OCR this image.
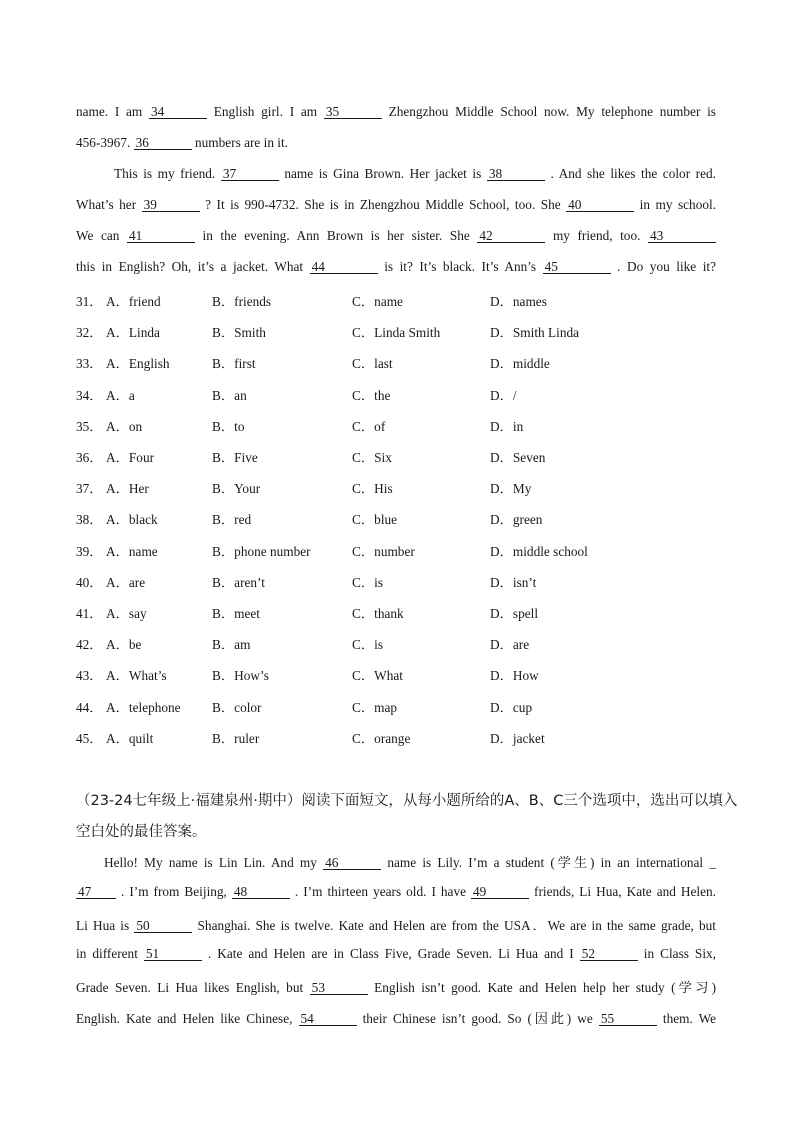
name. I am 34	English girl. I am 35	Zhengzhou Middle School now. My telephone number is
456-3967. 36	numbers are in it.
This is my friend. 37	name is Gina Brown. Her jacket is 38	. And she likes the color red.
What’s her 39	? It is 990-4732. She is in Zhengzhou Middle School, too. She 40	in my school.
We can 41	in the evening. Ann Brown is her sister. She 42	my friend, too. 43
this in English? Oh, it’s a jacket. What 44	is it? It’s black. It’s Ann’s 45	. Do you like it?
31． A．friend	B．friends	C．name	D．names
32． A．Linda	B．Smith	C．Linda Smith	D．Smith Linda
33． A．English	B．first	C．last	D．middle
34． A．a	B．an	C．the	D．/
35． A．on	B．to	C．of	D．in
36． A．Four	B．Five	C．Six	D．Seven
37． A．Her	B．Your	C．His	D．My
38． A．black	B．red	C．blue	D．green
39． A．name	B．phone number	C．number	D．middle school
40． A．are	B．aren’t	C．is	D．isn’t
41． A．say	B．meet	C．thank	D．spell
42． A．be	B．am	C．is	D．are
43． A．What’s	B．How’s	C．What	D．How
44． A．telephone B．color	C．map	D．cup
45． A．quilt	B．ruler	C．orange	D．jacket
（23-24七年级上·福建泉州·期中）阅读下面短文，从每小题所给的A、B、C三个选项中，选出可以填入
空白处的最佳答案。
Hello! My name is Lin Lin. And my 46	name is Lily. I’m a student (学生) in an international _
47 . I’m from Beijing, 48	. I’m thirteen years old. I have 49	friends, Li Hua, Kate and Helen.
Li Hua is 50	Shanghai. She is twelve. Kate and Helen are from the USA．We are in the same grade, but
in different 51	. Kate and Helen are in Class Five, Grade Seven. Li Hua and I 52	in Class Six,
Grade Seven. Li Hua likes English, but 53	English isn’t good. Kate and Helen help her study (学习)
English. Kate and Helen like Chinese, 54	their Chinese isn’t good. So (因此) we 55	them. We
